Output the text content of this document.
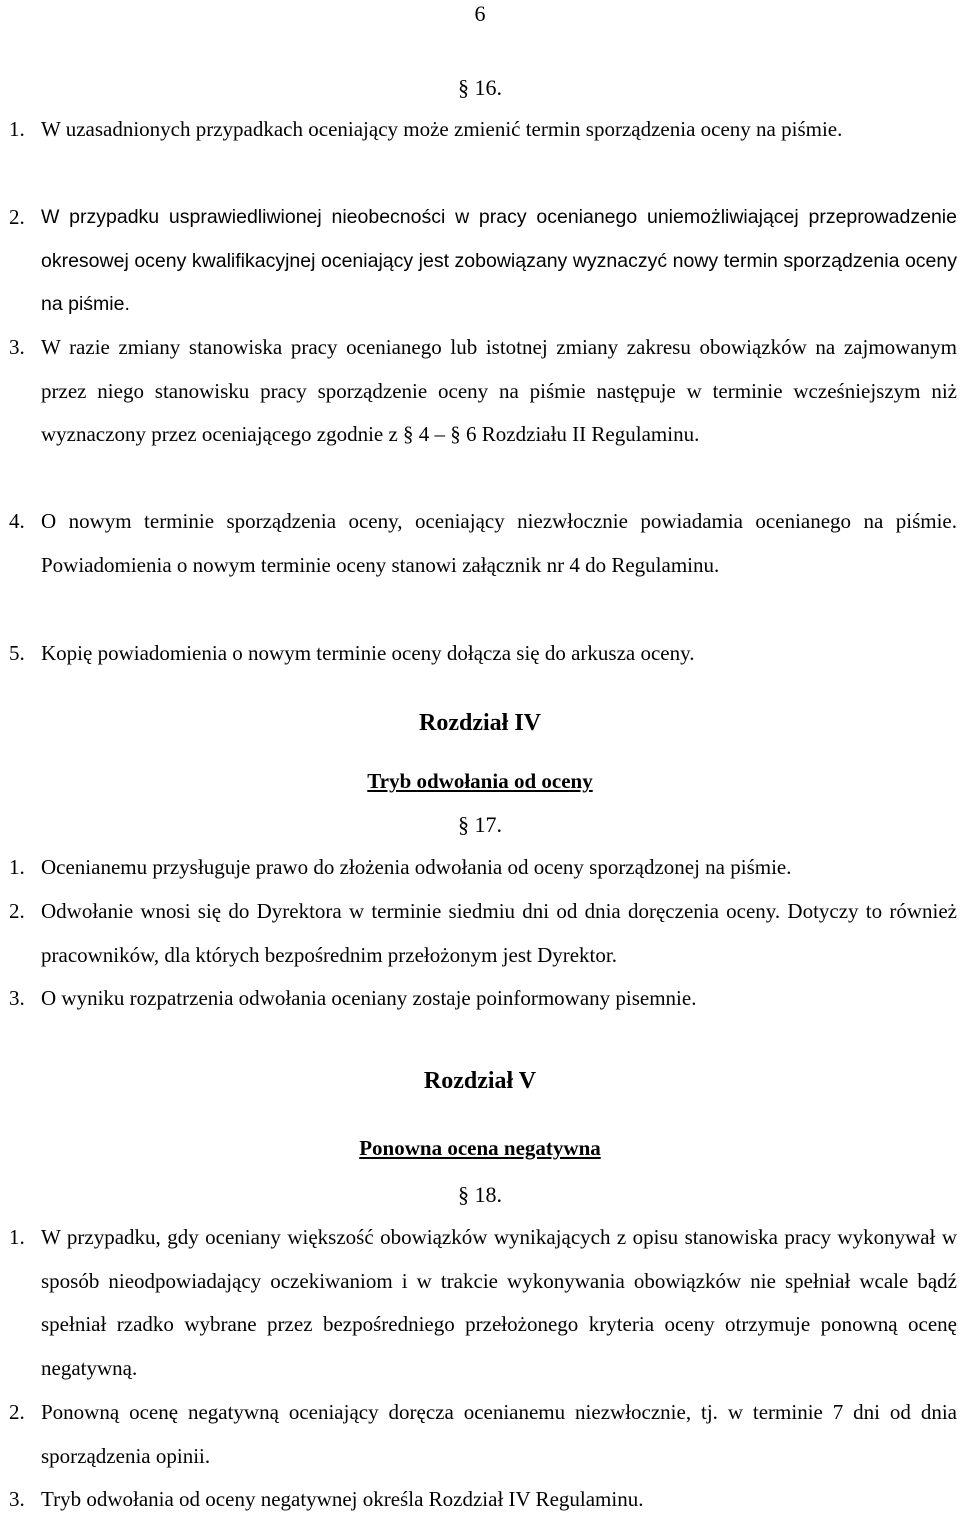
6
§ 16.
1. W uzasadnionych przypadkach oceniający może zmienić termin sporządzenia oceny na piśmie.
2. W przypadku usprawiedliwionej nieobecności w pracy ocenianego uniemożliwiającej przeprowadzenie okresowej oceny kwalifikacyjnej oceniający jest zobowiązany wyznaczyć nowy termin sporządzenia oceny na piśmie.
3. W razie zmiany stanowiska pracy ocenianego lub istotnej zmiany zakresu obowiązków na zajmowanym przez niego stanowisku pracy sporządzenie oceny na piśmie następuje w terminie wcześniejszym niż wyznaczony przez oceniającego zgodnie z § 4 – § 6 Rozdziału II Regulaminu.
4. O nowym terminie sporządzenia oceny, oceniający niezwłocznie powiadamia ocenianego na piśmie. Powiadomienia o nowym terminie oceny stanowi załącznik nr 4 do Regulaminu.
5. Kopię powiadomienia o nowym terminie oceny dołącza się do arkusza oceny.
Rozdział IV
Tryb odwołania od oceny
§ 17.
1. Ocenianemu przysługuje prawo do złożenia odwołania od oceny sporządzonej na piśmie.
2. Odwołanie wnosi się do Dyrektora w terminie siedmiu dni od dnia doręczenia oceny. Dotyczy to również pracowników, dla których bezpośrednim przełożonym jest Dyrektor.
3. O wyniku rozpatrzenia odwołania oceniany zostaje poinformowany pisemnie.
Rozdział V
Ponowna ocena negatywna
§ 18.
1. W przypadku, gdy oceniany większość obowiązków wynikających z opisu stanowiska pracy wykonywał w sposób nieodpowiadający oczekiwaniom i w trakcie wykonywania obowiązków nie spełniał wcale bądź spełniał rzadko wybrane przez bezpośredniego przełożonego kryteria oceny otrzymuje ponowną ocenę negatywną.
2. Ponowną ocenę negatywną oceniający doręcza ocenianemu niezwłocznie, tj. w terminie 7 dni od dnia sporządzenia opinii.
3. Tryb odwołania od oceny negatywnej określa Rozdział IV Regulaminu.
